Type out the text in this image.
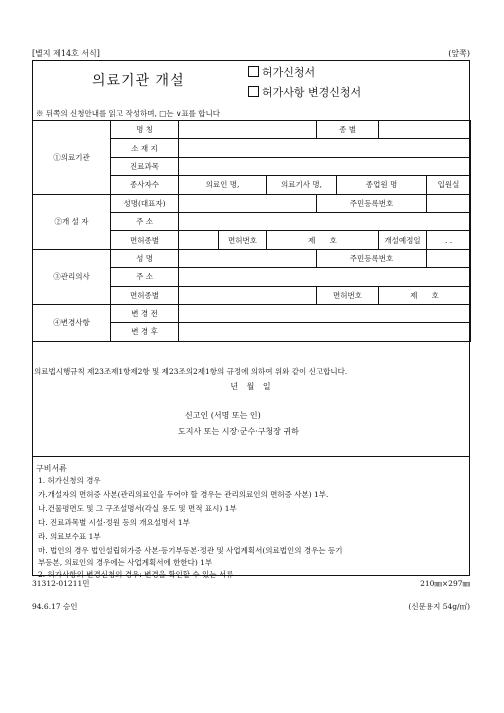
[별지 제14호 서식]	(앞쪽)
의료기관 개설
허가신청서
허가사항 변경신청서
※ 뒤쪽의 신청안내를 읽고 작성하며, □는 ∨표를 합니다
①의료기관	명 칭				종 별				
	소 재 지								
	진료과목								
	종사자수	의료인 명,		의료기사 명,		종업원 명		입원실	
②개 설 자	성명(대표자)				주민등록번호				
	주 소								
	면허종별		면허번호	제 호			개설예정일	. .	
③관리의사	성 명				주민등록번호				
	주 소								
	면허종별				면허번호		제 호		
④변경사항	변 경 전								
	변 경 후								
의료법시행규칙 제23조제1항제2항 및 제23조의2제1항의 규정에 의하여 위와 같이 신고합니다.
년 월 일
신고인 (서명 또는 인)
도지사 또는 시장·군수·구청장 귀하
구비서류
1. 허가신청의 경우
가.개설자의 면허증 사본(관리의료인을 두어야 할 경우는 관리의료인의 면허증 사본) 1부.
나.건물평면도 및 그 구조설명서(각실 용도 및 면적 표시) 1부
다. 진료과목별 시설·정원 등의 개요설명서 1부
라. 의료보수표 1부
마. 법인의 경우 법인설립허가증 사본·등기부등본·정관 및 사업계획서(의료법인의 경우는 등기
부등본, 의료인의 경우에는 사업계획서에 한한다) 1부
31312-01211민	210㎜×297㎜
94.6.17 승인	(신문용지 54g/㎡)
2. 허가사항의 변경신청의 경우: 변경을 확인할 수 있는 서류
